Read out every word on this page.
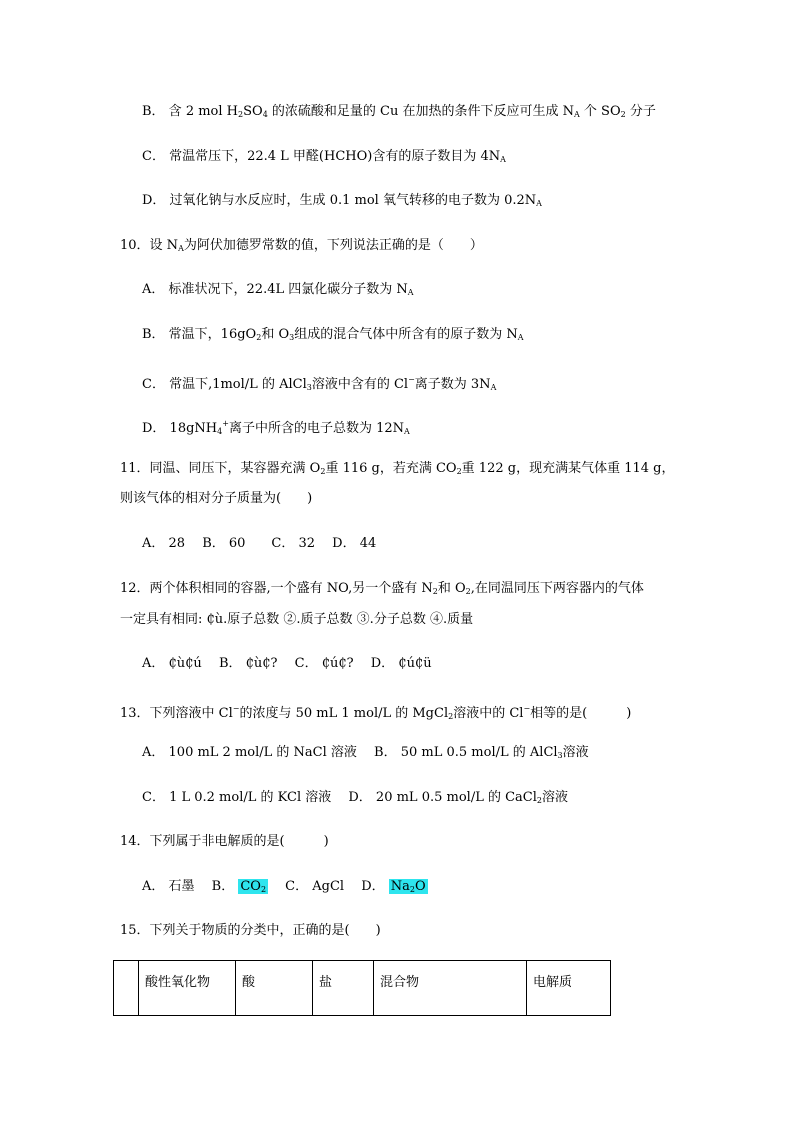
B． 含 2 mol $H_2SO_4$ 的浓硫酸和足量的 Cu 在加热的条件下反应可生成 $N_A$ 个 $SO_2$ 分子
C． 常温常压下，22.4 L 甲醛(HCHO)含有的原子数目为 $4N_A$
D． 过氧化钠与水反应时，生成 0.1 mol 氧气转移的电子数为 $0.2N_A$
10．设 $N_A$为阿伏加德罗常数的值，下列说法正确的是（　　）
A． 标准状况下，22.4L 四氯化碳分子数为 $N_A$
B． 常温下，$16gO_2$和 $O_3$组成的混合气体中所含有的原子数为 $N_A$
C． 常温下,1mol/L 的 AlCl$_3$溶液中含有的 Cl−离子数为 $3N_A$
D． 18gNH$_4$+离子中所含的电子总数为 $12N_A$
11．同温、同压下，某容器充满 $O_2$重 116 g，若充满 $CO_2$重 122 g，现充满某气体重 114 g，
则该气体的相对分子质量为(　　)
A． 28　 B． 60　　C． 32　 D． 44
12．两个体积相同的容器,一个盛有 NO,另一个盛有 $N_2$和 $O_2$,在同温同压下两容器内的气体
一定具有相同: ₵ù.原子总数 ②.质子总数 ③.分子总数 ④.质量
A． ₵ù₵ú　 B． ₵ù₵?　 C． ₵ú₵?　 D． ₵ú₵ü
13．下列溶液中 Cl−的浓度与 50 mL 1 mol/L 的 MgCl$_2$溶液中的 Cl−相等的是(　　　)
A． 100 mL 2 mol/L 的 NaCl 溶液　 B． 50 mL 0.5 mol/L 的 AlCl$_3$溶液
C． 1 L 0.2 mol/L 的 KCl 溶液　 D． 20 mL 0.5 mol/L 的 CaCl$_2$溶液
14．下列属于非电解质的是(　　　)
A． 石墨　 B． $CO_2$　 C． AgCl　 D． $Na_2O$
15．下列关于物质的分类中，正确的是(　　)
	酸性氧化物	酸	盐	混合物	电解质
